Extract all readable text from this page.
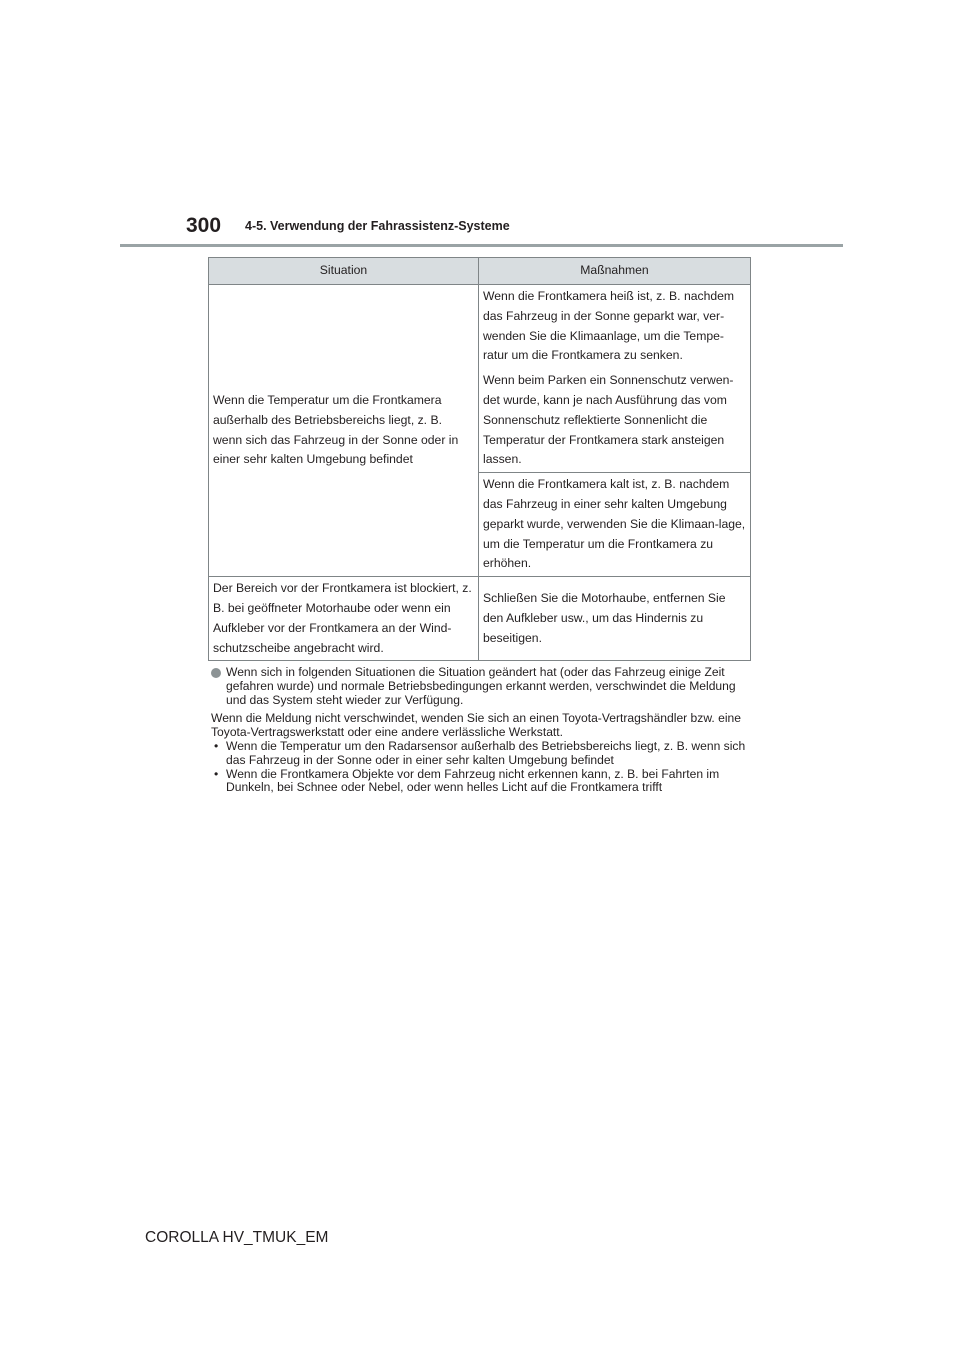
300 4-5. Verwendung der Fahrassistenz-Systeme
Situation	Maßnahmen
Wenn die Temperatur um die Frontkamera außerhalb des Betriebsbereichs liegt, z. B. wenn sich das Fahrzeug in der Sonne oder in einer sehr kalten Umgebung befindet	Wenn die Frontkamera heiß ist, z. B. nachdem das Fahrzeug in der Sonne geparkt war, ver-wenden Sie die Klimaanlage, um die Tempe-ratur um die Frontkamera zu senken.

Wenn beim Parken ein Sonnenschutz verwen-det wurde, kann je nach Ausführung das vom Sonnenschutz reflektierte Sonnenlicht die Temperatur der Frontkamera stark ansteigen lassen.

	Wenn die Frontkamera kalt ist, z. B. nachdem das Fahrzeug in einer sehr kalten Umgebung geparkt wurde, verwenden Sie die Klimaan-lage, um die Temperatur um die Frontkamera zu erhöhen.

Der Bereich vor der Frontkamera ist blockiert, z. B. bei geöffneter Motorhaube oder wenn ein Aufkleber vor der Frontkamera an der Wind-schutzscheibe angebracht wird.	Schließen Sie die Motorhaube, entfernen Sie den Aufkleber usw., um das Hindernis zu beseitigen.

Wenn sich in folgenden Situationen die Situation geändert hat (oder das Fahrzeug einige Zeit gefahren wurde) und normale Betriebsbedingungen erkannt werden, verschwindet die Meldung und das System steht wieder zur Verfügung.

Wenn die Meldung nicht verschwindet, wenden Sie sich an einen Toyota-Vertragshändler bzw. eine Toyota-Vertragswerkstatt oder eine andere verlässliche Werkstatt.

• Wenn die Temperatur um den Radarsensor außerhalb des Betriebsbereichs liegt, z. B. wenn sich das Fahrzeug in der Sonne oder in einer sehr kalten Umgebung befindet
• Wenn die Frontkamera Objekte vor dem Fahrzeug nicht erkennen kann, z. B. bei Fahrten im Dunkeln, bei Schnee oder Nebel, oder wenn helles Licht auf die Frontkamera trifft
COROLLA HV_TMUK_EM
